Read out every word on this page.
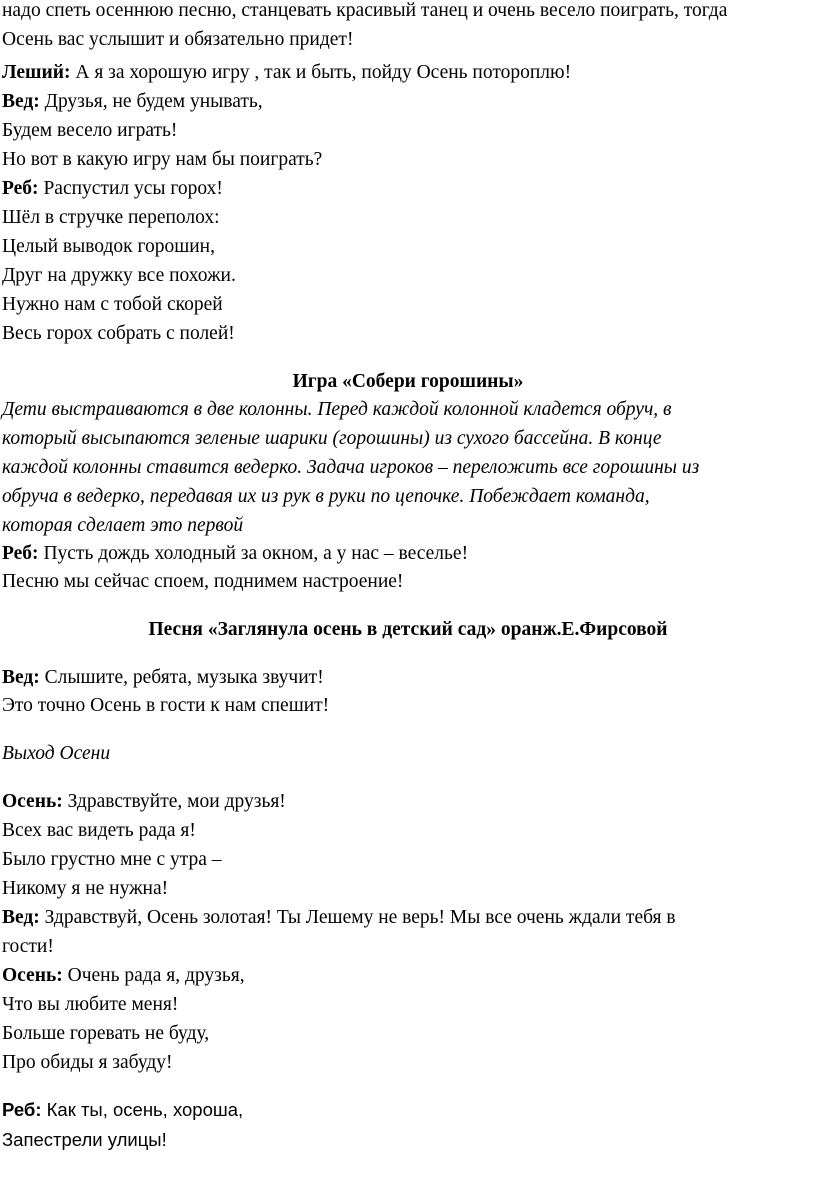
надо спеть осеннюю песню, станцевать красивый танец и очень весело поиграть, тогда
Осень вас услышит и обязательно придет!
Леший: А я за хорошую игру , так и быть, пойду Осень потороплю!
Вед: Друзья, не будем унывать,
Будем весело играть!
Но вот в какую игру нам бы поиграть?
Реб: Распустил усы горох!
Шёл в стручке переполох:
Целый выводок горошин,
Друг на дружку все похожи.
Нужно нам с тобой скорей
Весь горох собрать с полей!
Игра «Собери горошины»
Дети выстраиваются в две колонны. Перед каждой колонной кладется обруч, в
который высыпаются зеленые шарики (горошины) из сухого бассейна. В конце
каждой колонны ставится ведерко. Задача игроков – переложить все горошины из
обруча в ведерко, передавая их из рук в руки по цепочке. Побеждает команда,
которая сделает это первой
Реб: Пусть дождь холодный за окном, а у нас – веселье!
Песню мы сейчас споем, поднимем настроение!
Песня «Заглянула осень в детский сад» оранж.Е.Фирсовой
Вед: Слышите, ребята, музыка звучит!
Это точно Осень в гости к нам спешит!
Выход Осени
Осень: Здравствуйте, мои друзья!
Всех вас видеть рада я!
Было грустно мне с утра –
Никому я не нужна!
Вед: Здравствуй, Осень золотая! Ты Лешему не верь! Мы все очень ждали тебя в
гости!
Осень: Очень рада я, друзья,
Что вы любите меня!
Больше горевать не буду,
Про обиды я забуду!
Реб: Как ты, осень, хороша,
Запестрели улицы!
